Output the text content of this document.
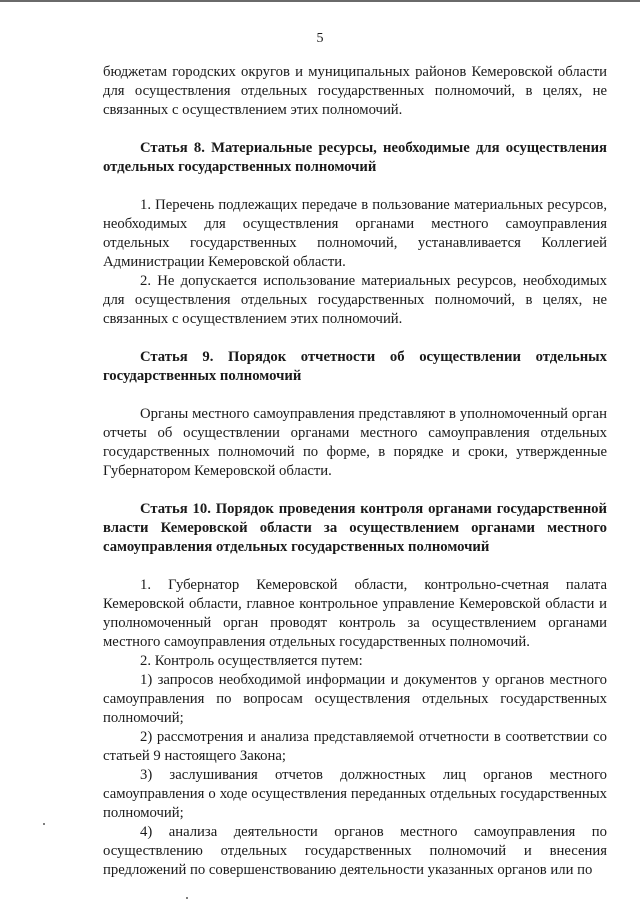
5

бюджетам городских округов и муниципальных районов Кемеровской области для осуществления отдельных государственных полномочий, в целях, не связанных с осуществлением этих полномочий.

Статья 8. Материальные ресурсы, необходимые для осуществления отдельных государственных полномочий

1. Перечень подлежащих передаче в пользование материальных ресурсов, необходимых для осуществления органами местного самоуправления отдельных государственных полномочий, устанавливается Коллегией Администрации Кемеровской области.

2. Не допускается использование материальных ресурсов, необходимых для осуществления отдельных государственных полномочий, в целях, не связанных с осуществлением этих полномочий.

Статья 9. Порядок отчетности об осуществлении отдельных государственных полномочий

Органы местного самоуправления представляют в уполномоченный орган отчеты об осуществлении органами местного самоуправления отдельных государственных полномочий по форме, в порядке и сроки, утвержденные Губернатором Кемеровской области.

Статья 10. Порядок проведения контроля органами государственной власти Кемеровской области за осуществлением органами местного самоуправления отдельных государственных полномочий

1. Губернатор Кемеровской области, контрольно-счетная палата Кемеровской области, главное контрольное управление Кемеровской области и уполномоченный орган проводят контроль за осуществлением органами местного самоуправления отдельных государственных полномочий.

2. Контроль осуществляется путем:

1) запросов необходимой информации и документов у органов местного самоуправления по вопросам осуществления отдельных государственных полномочий;

2) рассмотрения и анализа представляемой отчетности в соответствии со статьей 9 настоящего Закона;

3) заслушивания отчетов должностных лиц органов местного самоуправления о ходе осуществления переданных отдельных государственных полномочий;

4) анализа деятельности органов местного самоуправления по осуществлению отдельных государственных полномочий и внесения предложений по совершенствованию деятельности указанных органов или по
